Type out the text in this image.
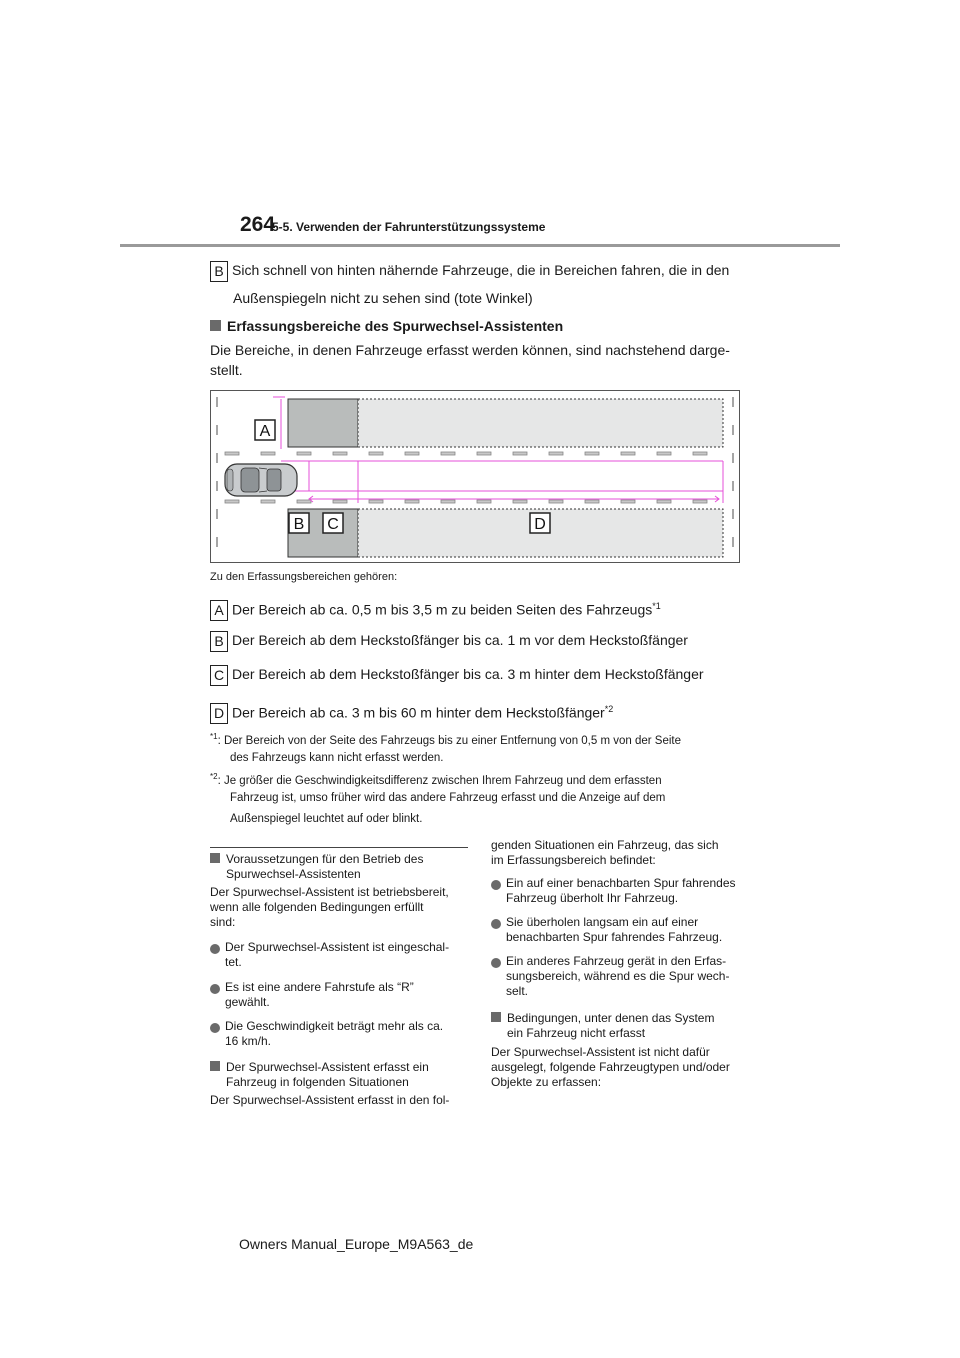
264
5-5. Verwenden der Fahrunterstützungssysteme
B Sich schnell von hinten nähernde Fahrzeuge, die in Bereichen fahren, die in den
Außenspiegeln nicht zu sehen sind (tote Winkel)
Erfassungsbereiche des Spurwechsel-Assistenten
Die Bereiche, in denen Fahrzeuge erfasst werden können, sind nachstehend darge-
stellt.
A
B C	D
Zu den Erfassungsbereichen gehören:
A Der Bereich ab ca. 0,5 m bis 3,5 m zu beiden Seiten des Fahrzeugs$^{*1}$
B Der Bereich ab dem Heckstoßfänger bis ca. 1 m vor dem Heckstoßfänger
C Der Bereich ab dem Heckstoßfänger bis ca. 3 m hinter dem Heckstoßfänger
D Der Bereich ab ca. 3 m bis 60 m hinter dem Heckstoßfänger$^{*2}$
$^{*1}$: Der Bereich von der Seite des Fahrzeugs bis zu einer Entfernung von 0,5 m von der Seite
des Fahrzeugs kann nicht erfasst werden.
$^{*2}$: Je größer die Geschwindigkeitsdifferenz zwischen Ihrem Fahrzeug und dem erfassten
Fahrzeug ist, umso früher wird das andere Fahrzeug erfasst und die Anzeige auf dem
Außenspiegel leuchtet auf oder blinkt.
Voraussetzungen für den Betrieb des
Spurwechsel-Assistenten

Der Spurwechsel-Assistent ist betriebsbereit,

wenn alle folgenden Bedingungen erfüllt

sind:

Der Spurwechsel-Assistent ist eingeschal-

tet.

Es ist eine andere Fahrstufe als “R”

gewählt.

Die Geschwindigkeit beträgt mehr als ca.

16 km/h.

Der Spurwechsel-Assistent erfasst ein
Fahrzeug in folgenden Situationen
Der Spurwechsel-Assistent erfasst in den fol-

genden Situationen ein Fahrzeug, das sich

im Erfassungsbereich befindet:

Ein auf einer benachbarten Spur fahrendes

Fahrzeug überholt Ihr Fahrzeug.

Sie überholen langsam ein auf einer

benachbarten Spur fahrendes Fahrzeug.

Ein anderes Fahrzeug gerät in den Erfas-

sungsbereich, während es die Spur wech-

selt.

Bedingungen, unter denen das System
ein Fahrzeug nicht erfasst

Der Spurwechsel-Assistent ist nicht dafür

ausgelegt, folgende Fahrzeugtypen und/oder

Objekte zu erfassen:

Owners Manual_Europe_M9A563_de
